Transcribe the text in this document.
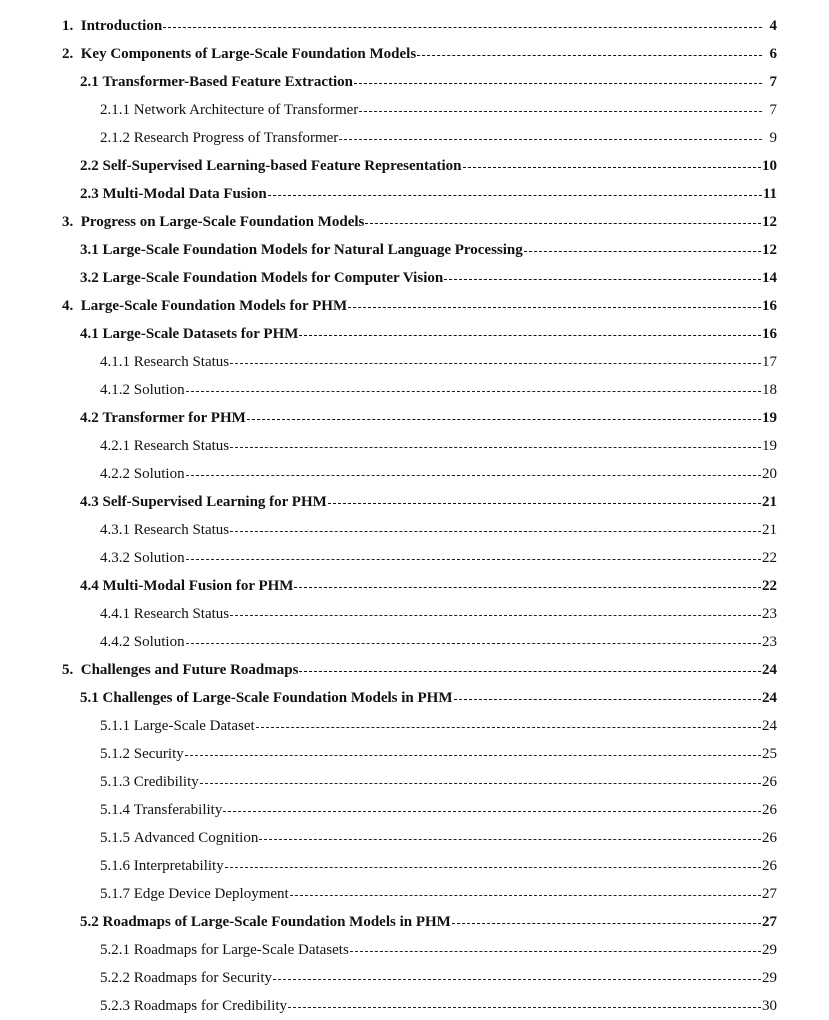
1. Introduction	4
2. Key Components of Large-Scale Foundation Models	6
2.1 Transformer-Based Feature Extraction	7
2.1.1 Network Architecture of Transformer	7
2.1.2 Research Progress of Transformer	9
2.2 Self-Supervised Learning-based Feature Representation	10
2.3 Multi-Modal Data Fusion	11
3. Progress on Large-Scale Foundation Models	12
3.1 Large-Scale Foundation Models for Natural Language Processing	12
3.2 Large-Scale Foundation Models for Computer Vision	14
4. Large-Scale Foundation Models for PHM	16
4.1 Large-Scale Datasets for PHM	16
4.1.1 Research Status	17
4.1.2 Solution	18
4.2 Transformer for PHM	19
4.2.1 Research Status	19
4.2.2 Solution	20
4.3 Self-Supervised Learning for PHM	21
4.3.1 Research Status	21
4.3.2 Solution	22
4.4 Multi-Modal Fusion for PHM	22
4.4.1 Research Status	23
4.4.2 Solution	23
5. Challenges and Future Roadmaps	24
5.1 Challenges of Large-Scale Foundation Models in PHM	24
5.1.1 Large-Scale Dataset	24
5.1.2 Security	25
5.1.3 Credibility	26
5.1.4 Transferability	26
5.1.5 Advanced Cognition	26
5.1.6 Interpretability	26
5.1.7 Edge Device Deployment	27
5.2 Roadmaps of Large-Scale Foundation Models in PHM	27
5.2.1 Roadmaps for Large-Scale Datasets	29
5.2.2 Roadmaps for Security	29
5.2.3 Roadmaps for Credibility	30
